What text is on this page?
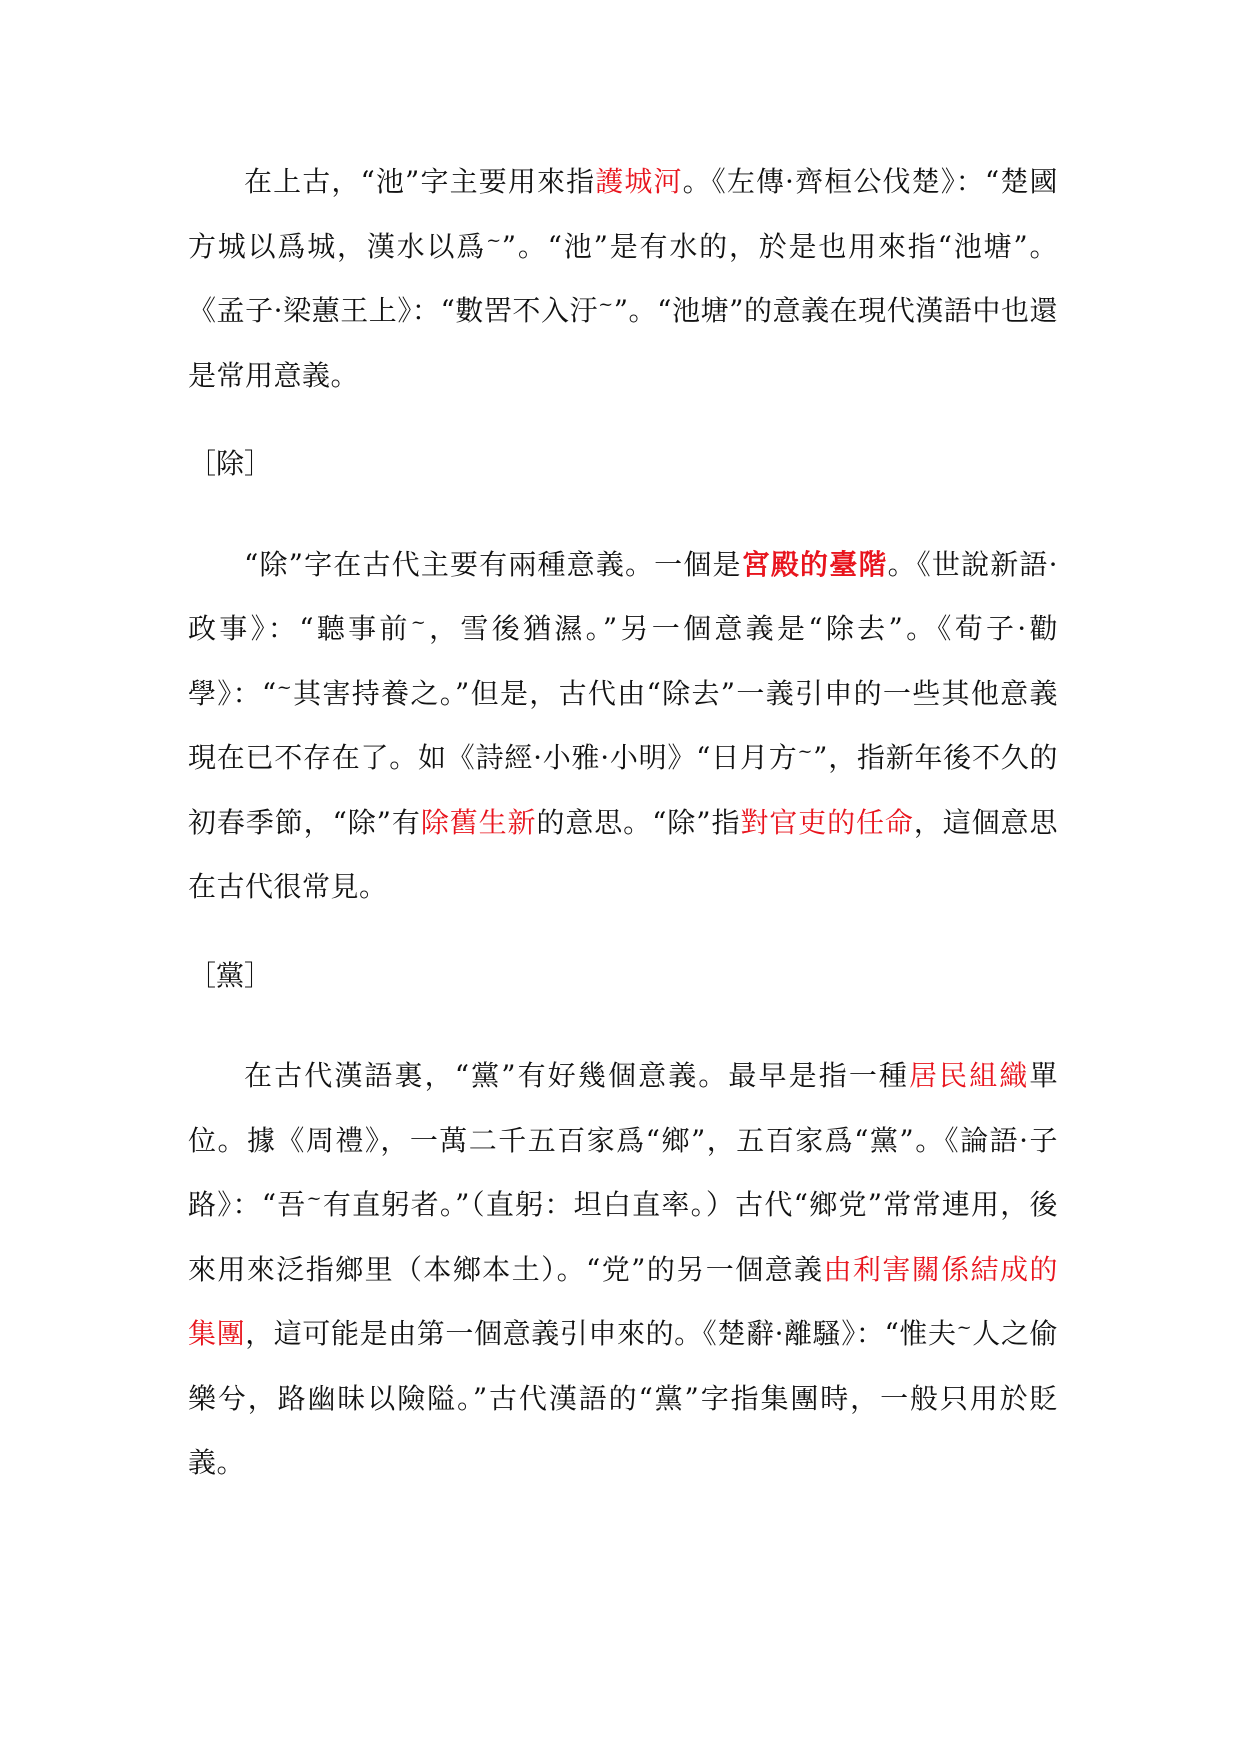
在上古，“池”字主要用來指護城河。《左傳·齊桓公伐楚》：“楚國方城以爲城，漢水以爲~”。“池”是有水的，於是也用來指“池塘”。《孟子·梁蕙王上》：“數罟不入汙~”。“池塘”的意義在現代漢語中也還是常用意義。

［除］

“除”字在古代主要有兩種意義。一個是宮殿的臺階。《世說新語·政事》：“聽事前~，雪後猶濕。”另一個意義是“除去”。《荀子·勸學》：“~其害持養之。”但是，古代由“除去”一義引申的一些其他意義現在已不存在了。如《詩經·小雅·小明》“日月方~”，指新年後不久的初春季節，“除”有除舊生新的意思。“除”指對官吏的任命，這個意思在古代很常見。

［黨］

在古代漢語裏，“黨”有好幾個意義。最早是指一種居民組織單位。據《周禮》，一萬二千五百家爲“鄉”，五百家爲“黨”。《論語·子路》：“吾~有直躬者。”（直躬：坦白直率。）古代“鄉党”常常連用，後來用來泛指鄉里（本鄉本土）。“党”的另一個意義由利害關係結成的集團，這可能是由第一個意義引申來的。《楚辭·離騷》：“惟夫~人之偷樂兮，路幽昧以險隘。”古代漢語的“黨”字指集團時，一般只用於貶義。
